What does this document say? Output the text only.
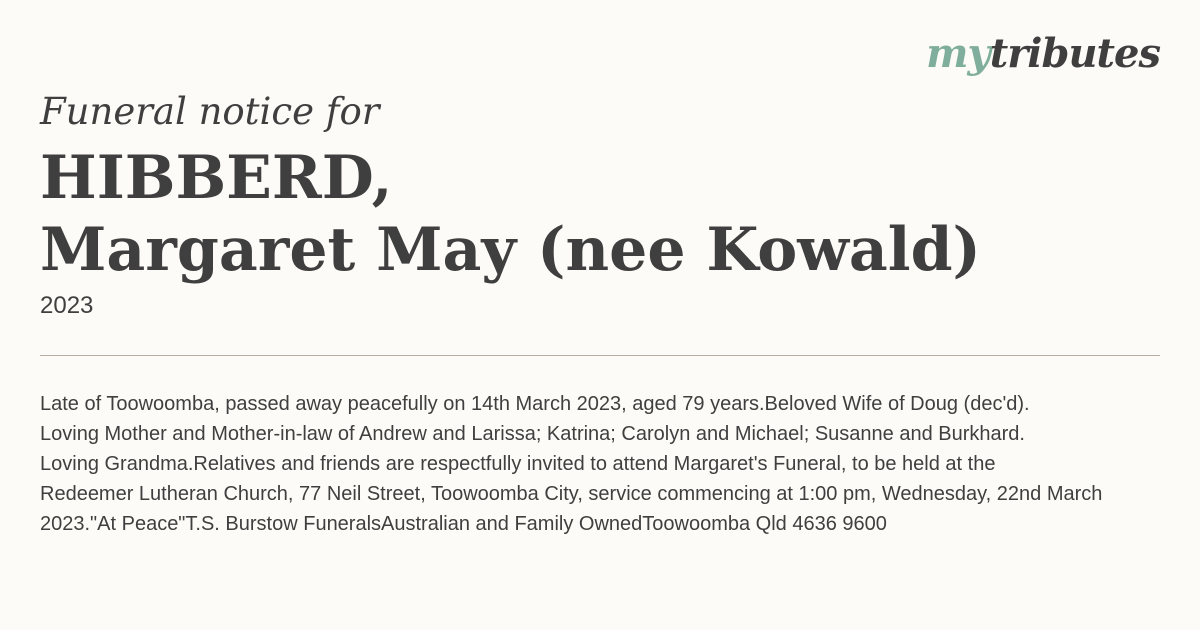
mytributes
Funeral notice for
HIBBERD,
Margaret May (nee Kowald)
2023
Late of Toowoomba, passed away peacefully on 14th March 2023, aged 79 years.Beloved Wife of Doug (dec'd).
Loving Mother and Mother-in-law of Andrew and Larissa; Katrina; Carolyn and Michael; Susanne and Burkhard.
Loving Grandma.Relatives and friends are respectfully invited to attend Margaret's Funeral, to be held at the
Redeemer Lutheran Church, 77 Neil Street, Toowoomba City, service commencing at 1:00 pm, Wednesday, 22nd March
2023."At Peace"T.S. Burstow FuneralsAustralian and Family OwnedToowoomba Qld 4636 9600
